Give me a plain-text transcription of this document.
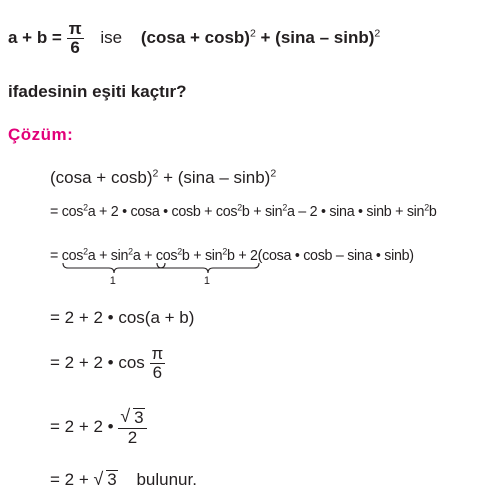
$a + b = \frac{\pi}{6}$ ise $(\cos a + \cos b)^2 + (\sin a - \sin b)^2$
ifadesinin eşiti kaçtır?
Çözüm:
$(\cos a + \cos b)^2 + (\sin a - \sin b)^2$
= $\cos^2a + 2$ • cosa • $\cos b + \cos^2b + \sin^2a - 2$ • sina • $\sin b + \sin^2b$
= $\cos^2a + \sin^2a$
1
+ $\cos^2b + \sin^2b$
1
+ 2(cosa • cosb – sina • sinb)
= 2 + 2 • cos(a + b)
= 2 + 2 • $\cos \frac{\pi}{6}$
= 2 + 2 • $\frac{√ 3}{2}$
= 2 + √ 3 bulunur.
